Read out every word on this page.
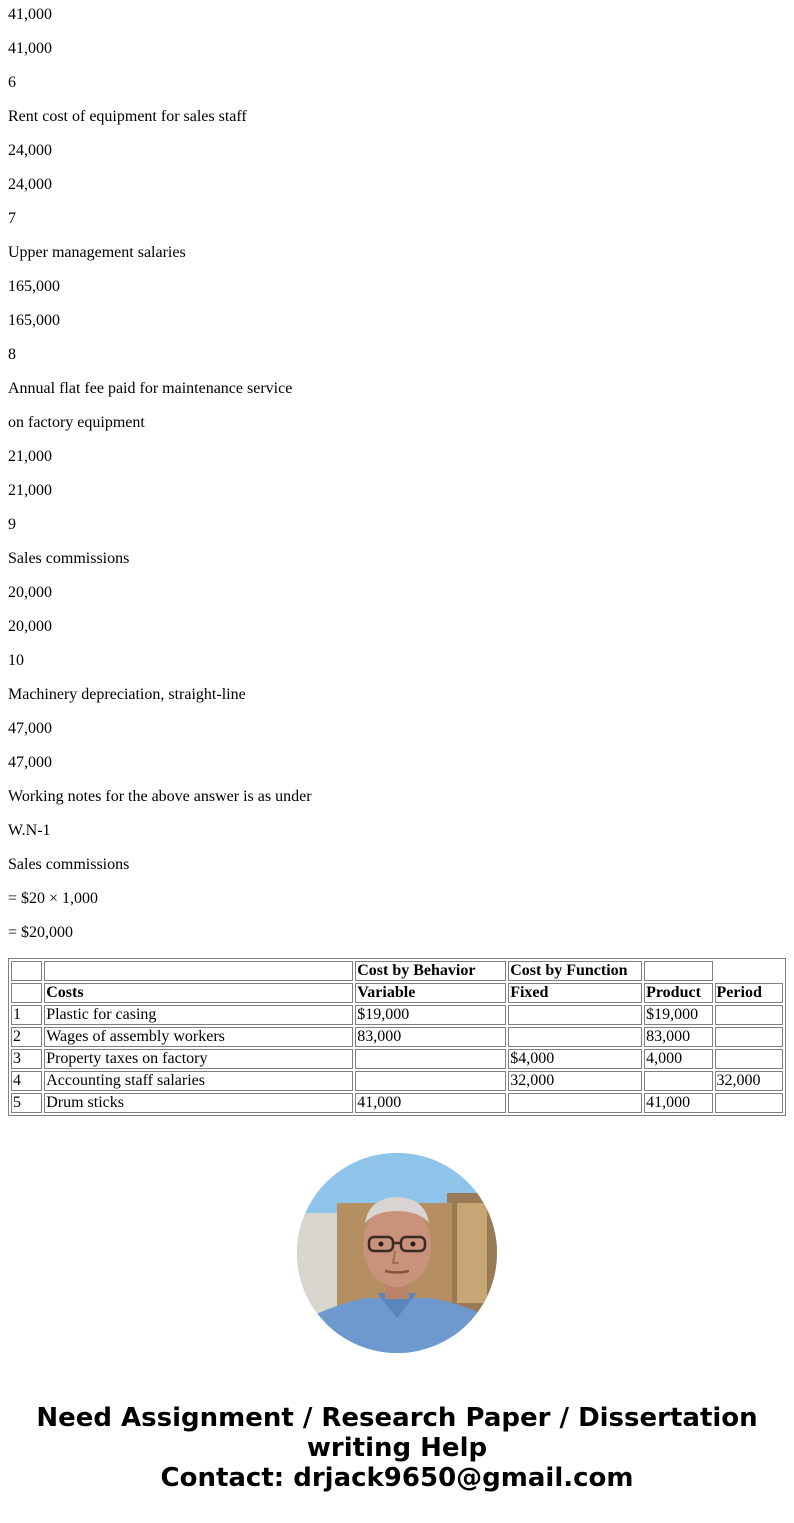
41,000
41,000
6
Rent cost of equipment for sales staff
24,000
24,000
7
Upper management salaries
165,000
165,000
8
Annual flat fee paid for maintenance service
on factory equipment
21,000
21,000
9
Sales commissions
20,000
20,000
10
Machinery depreciation, straight-line
47,000
47,000
Working notes for the above answer is as under
W.N-1
Sales commissions
= $20 × 1,000
= $20,000
		Cost by Behavior	Cost by Function		
	Costs	Variable	Fixed	Product	Period
1	Plastic for casing	$19,000		$19,000	
2	Wages of assembly workers	83,000		83,000	
3	Property taxes on factory		$4,000	4,000	
4	Accounting staff salaries		32,000		32,000
5	Drum sticks	41,000		41,000	
Need Assignment / Research Paper / Dissertation
writing Help
Contact: drjack9650@gmail.com
